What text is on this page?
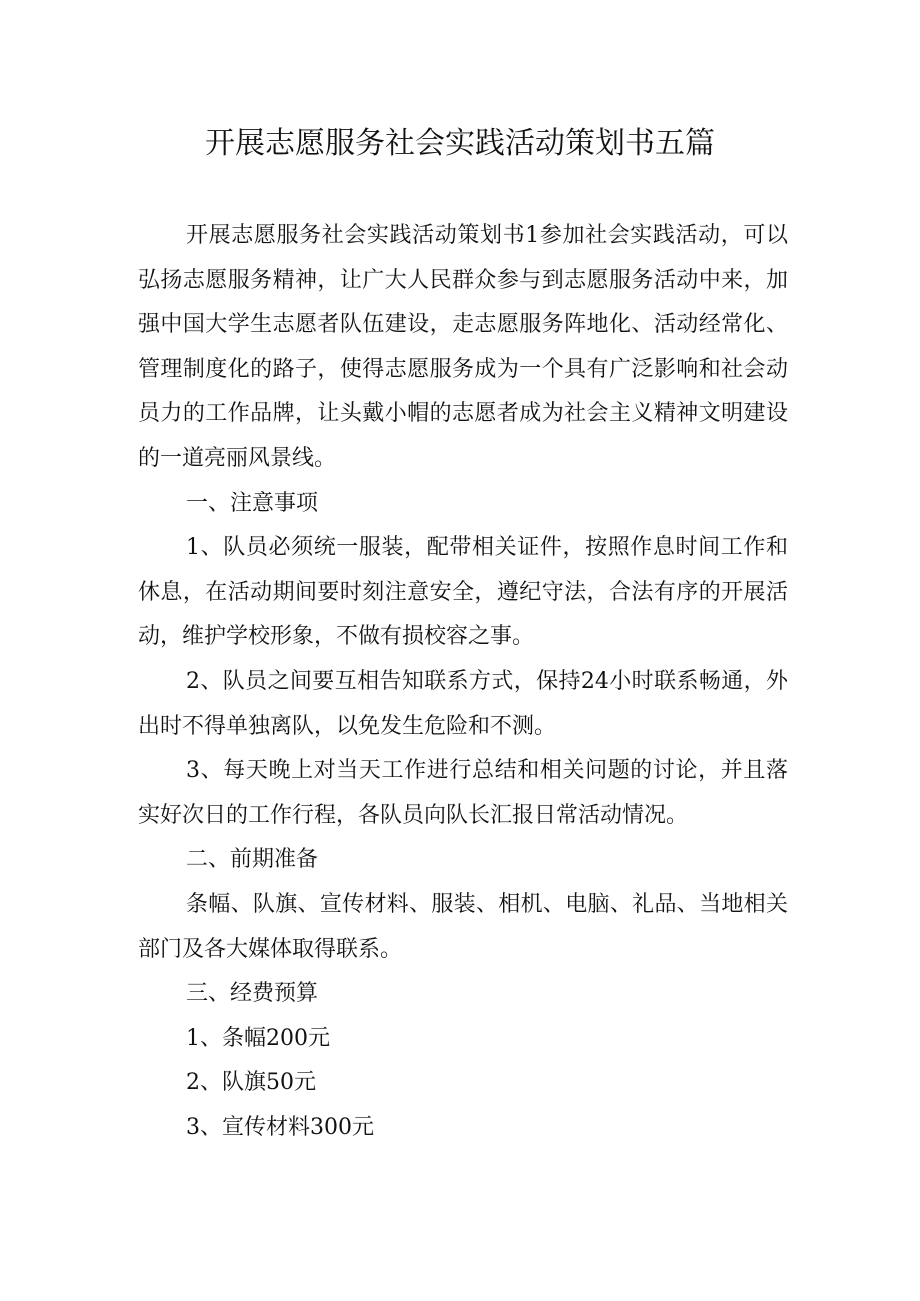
开展志愿服务社会实践活动策划书五篇

开展志愿服务社会实践活动策划书1参加社会实践活动，可以弘扬志愿服务精神，让广大人民群众参与到志愿服务活动中来，加强中国大学生志愿者队伍建设，走志愿服务阵地化、活动经常化、管理制度化的路子，使得志愿服务成为一个具有广泛影响和社会动员力的工作品牌，让头戴小帽的志愿者成为社会主义精神文明建设的一道亮丽风景线。

一、注意事项

1、队员必须统一服装，配带相关证件，按照作息时间工作和休息，在活动期间要时刻注意安全，遵纪守法，合法有序的开展活动，维护学校形象，不做有损校容之事。

2、队员之间要互相告知联系方式，保持24小时联系畅通，外出时不得单独离队，以免发生危险和不测。

3、每天晚上对当天工作进行总结和相关问题的讨论，并且落实好次日的工作行程，各队员向队长汇报日常活动情况。

二、前期准备

条幅、队旗、宣传材料、服装、相机、电脑、礼品、当地相关部门及各大媒体取得联系。

三、经费预算

1、条幅200元

2、队旗50元

3、宣传材料300元
